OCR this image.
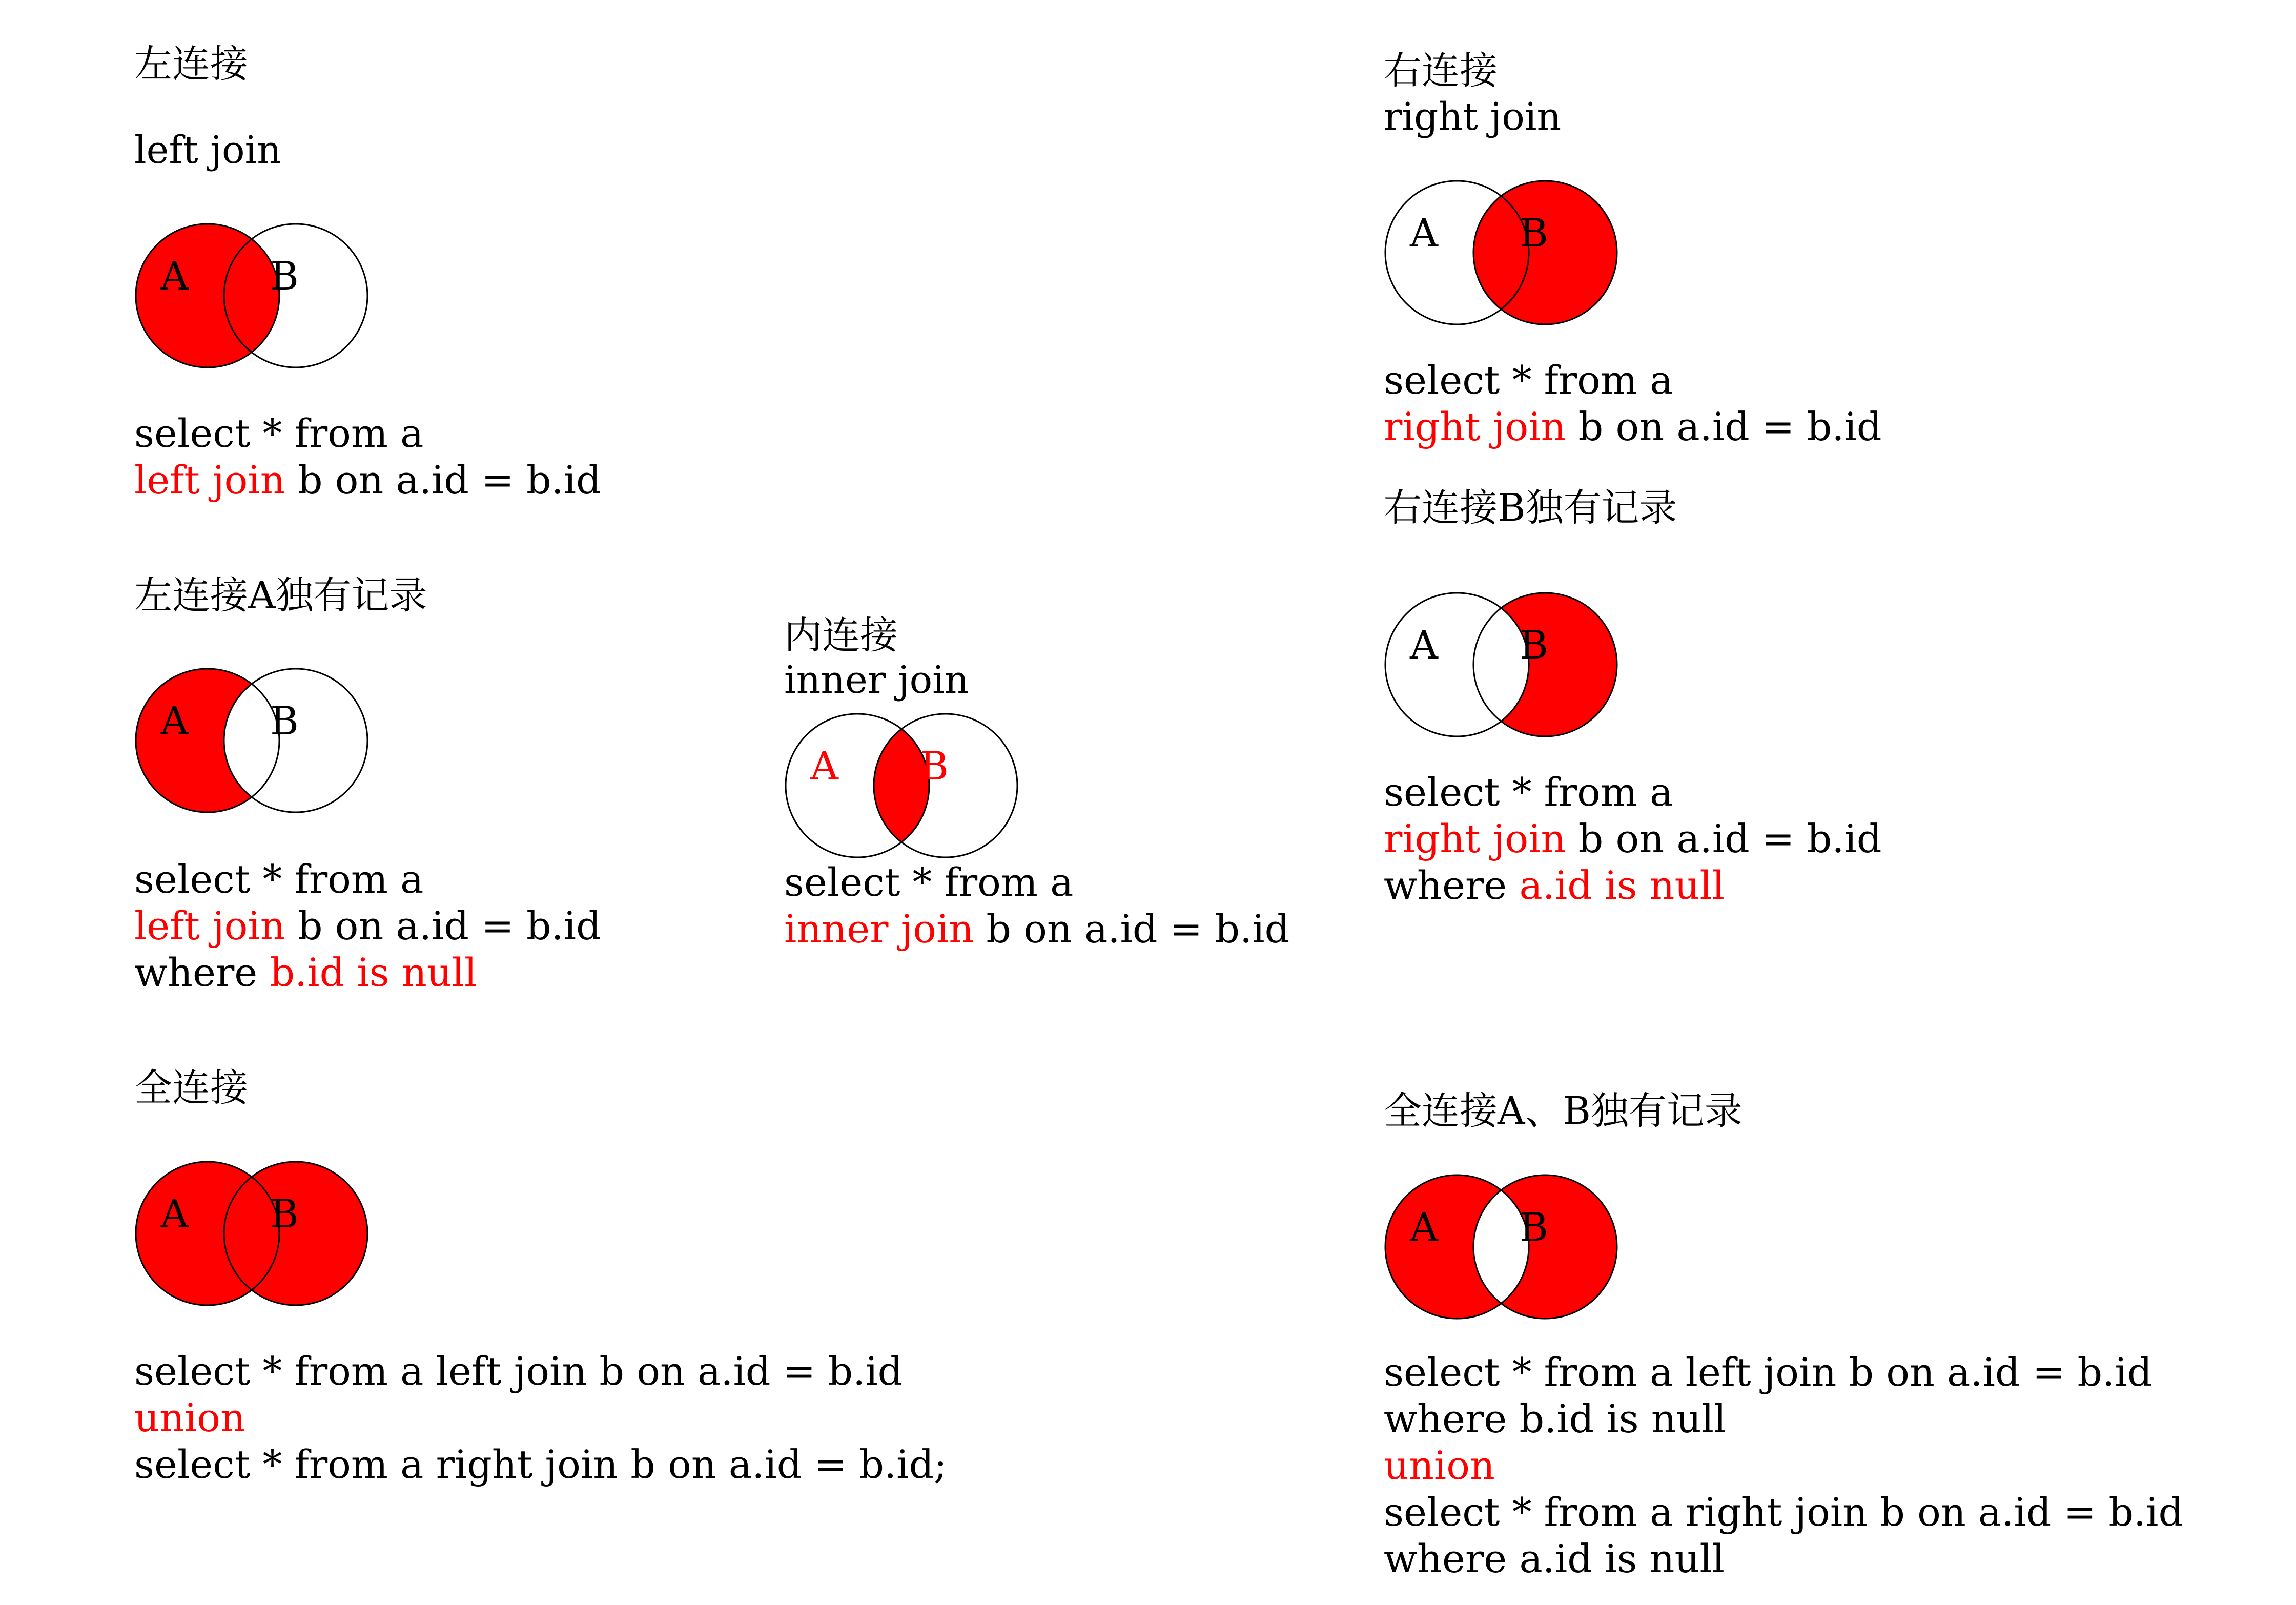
左连接
left join
A B
select * from a
left join b on a.id = b.id
右连接
right join
A B
select * from a
right join b on a.id = b.id
右连接B独有记录
A B
select * from a
right join b on a.id = b.id
where a.id is null
左连接A独有记录
A B
select * from a
left join b on a.id = b.id
where b.id is null
内连接
inner join
A B
select * from a
inner join b on a.id = b.id
全连接
A B
select * from a left join b on a.id = b.id
union
select * from a right join b on a.id = b.id;
全连接A、B独有记录
A B
select * from a left join b on a.id = b.id
where b.id is null
union
select * from a right join b on a.id = b.id
where a.id is null
